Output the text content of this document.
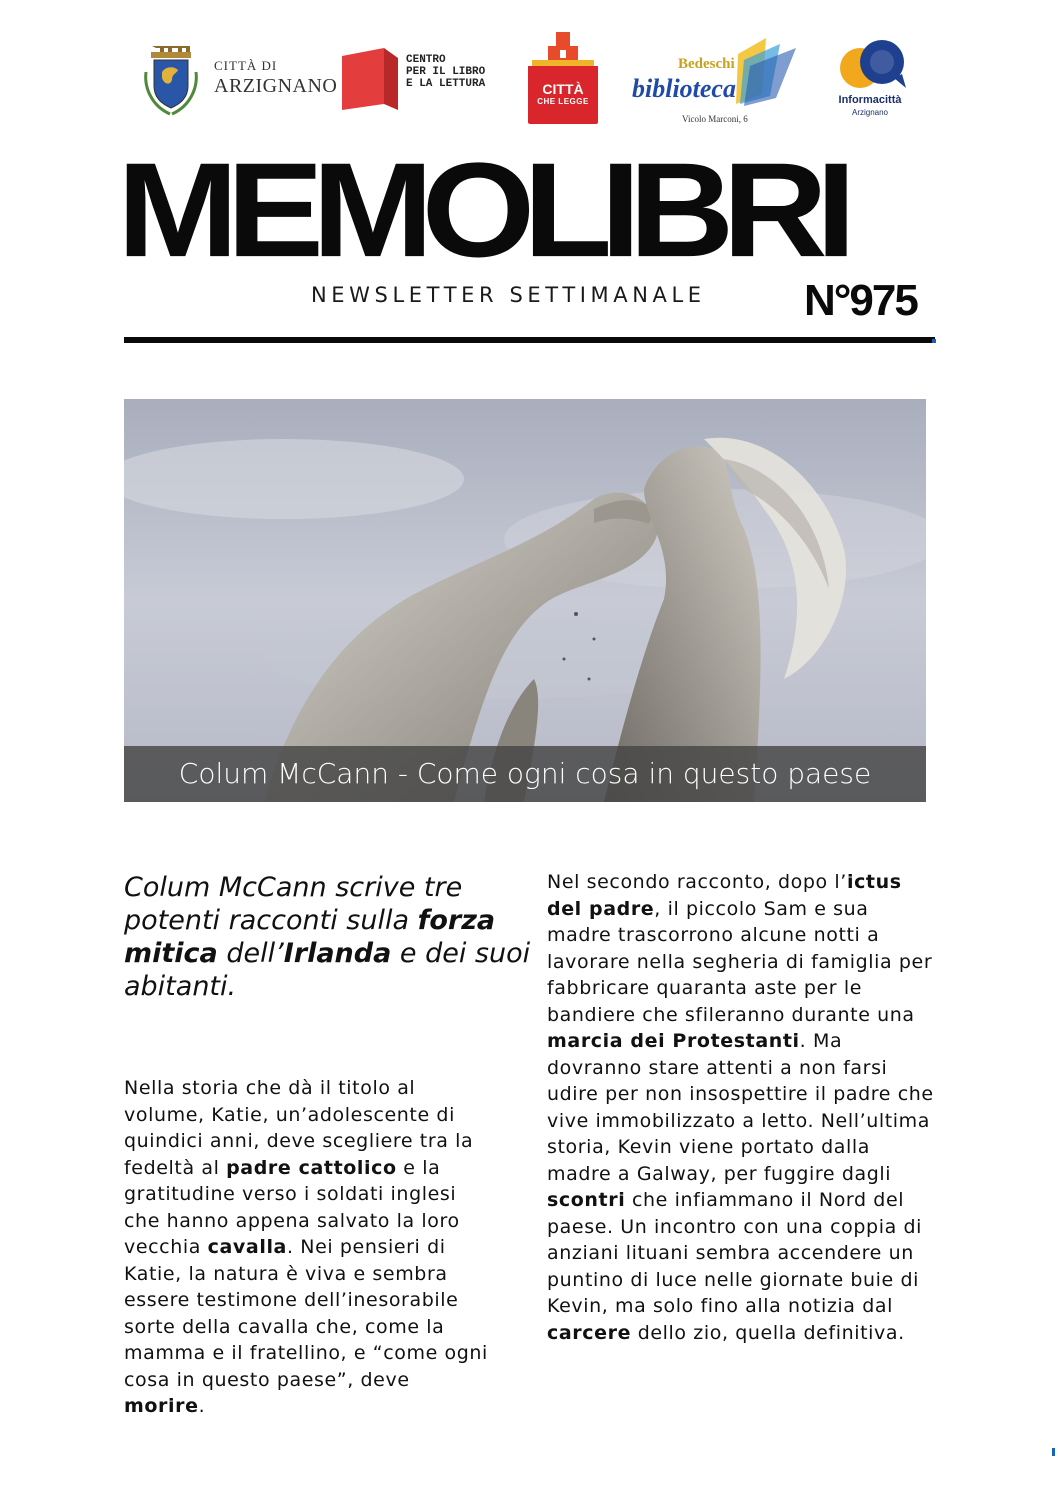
CITTÀ DI
ARZIGNANO
CENTRO
PER IL LIBRO
E LA LETTURA	CITTÀ
CHE LEGGE
Bedeschi
biblioteca
Vicolo Marconi, 6
Informacittà
Arzignano
MEMOLIBRI
NEWSLETTER SETTIMANALE N°975
Colum McCann - Come ogni cosa in questo paese
Colum McCann scrive tre potenti racconti sulla forza mitica dell’Irlanda e dei suoi abitanti.
Nella storia che dà il titolo al volume, Katie, un’adolescente di quindici anni, deve scegliere tra la fedeltà al padre cattolico e la gratitudine verso i soldati inglesi che hanno appena salvato la loro vecchia cavalla. Nei pensieri di Katie, la natura è viva e sembra essere testimone dell’inesorabile sorte della cavalla che, come la mamma e il fratellino, e “come ogni cosa in questo paese”, deve morire.
Nel secondo racconto, dopo l’ictus del padre, il piccolo Sam e sua madre trascorrono alcune notti a lavorare nella segheria di famiglia per fabbricare quaranta aste per le bandiere che sfileranno durante una marcia dei Protestanti. Ma dovranno stare attenti a non farsi udire per non insospettire il padre che vive immobilizzato a letto. Nell’ultima storia, Kevin viene portato dalla madre a Galway, per fuggire dagli scontri che infiammano il Nord del paese. Un incontro con una coppia di anziani lituani sembra accendere un puntino di luce nelle giornate buie di Kevin, ma solo fino alla notizia dal carcere dello zio, quella definitiva.
